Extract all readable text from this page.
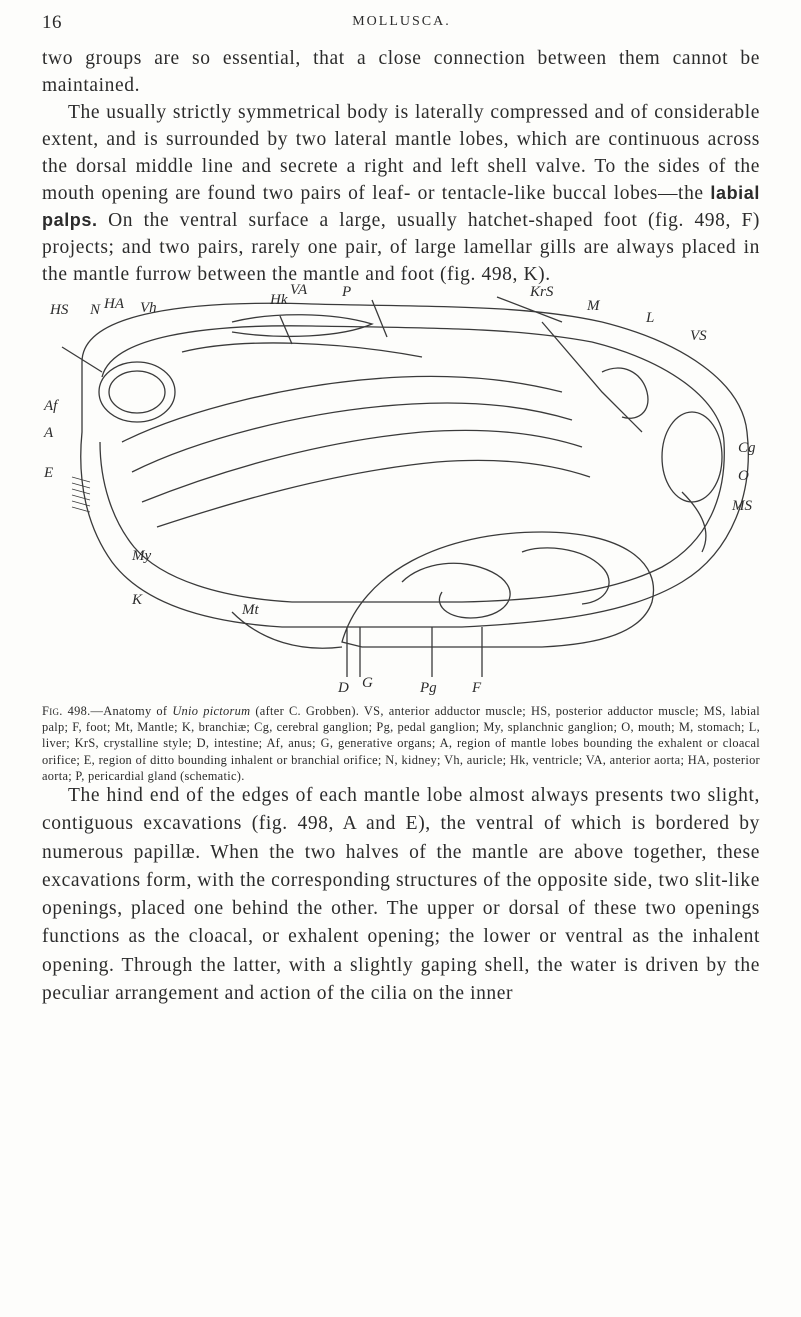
16	MOLLUSCA.

two groups are so essential, that a close connection between them cannot be maintained.

The usually strictly symmetrical body is laterally compressed and of considerable extent, and is surrounded by two lateral mantle lobes, which are continuous across the dorsal middle line and secrete a right and left shell valve. To the sides of the mouth opening are found two pairs of leaf- or tentacle-like buccal lobes—the labial palps. On the ventral surface a large, usually hatchet-shaped foot (fig. 498, F) projects; and two pairs, rarely one pair, of large lamellar gills are always placed in the mantle furrow between the mantle and foot (fig. 498, K).

HS N HA Vh	Hk
VA P	KrS
M
L
VS
Af
A
E
Cg
O
MS
My
K
Mt
D G	Pg F
Fig. 498.—Anatomy of Unio pictorum (after C. Grobben). VS, anterior adductor muscle; HS, posterior adductor muscle; MS, labial palp; F, foot; Mt, Mantle; K, branchiæ; Cg, cerebral ganglion; Pg, pedal ganglion; My, splanchnic ganglion; O, mouth; M, stomach; L, liver; KrS, crystalline style; D, intestine; Af, anus; G, generative organs; A, region of mantle lobes bounding the exhalent or cloacal orifice; E, region of ditto bounding inhalent or branchial orifice; N, kidney; Vh, auricle; Hk, ventricle; VA, anterior aorta; HA, posterior aorta; P, pericardial gland (schematic).

The hind end of the edges of each mantle lobe almost always presents two slight, contiguous excavations (fig. 498, A and E), the ventral of which is bordered by numerous papillæ. When the two halves of the mantle are above together, these excavations form, with the corresponding structures of the opposite side, two slit-like openings, placed one behind the other. The upper or dorsal of these two openings functions as the cloacal, or exhalent opening; the lower or ventral as the inhalent opening. Through the latter, with a slightly gaping shell, the water is driven by the peculiar arrangement and action of the cilia on the inner
